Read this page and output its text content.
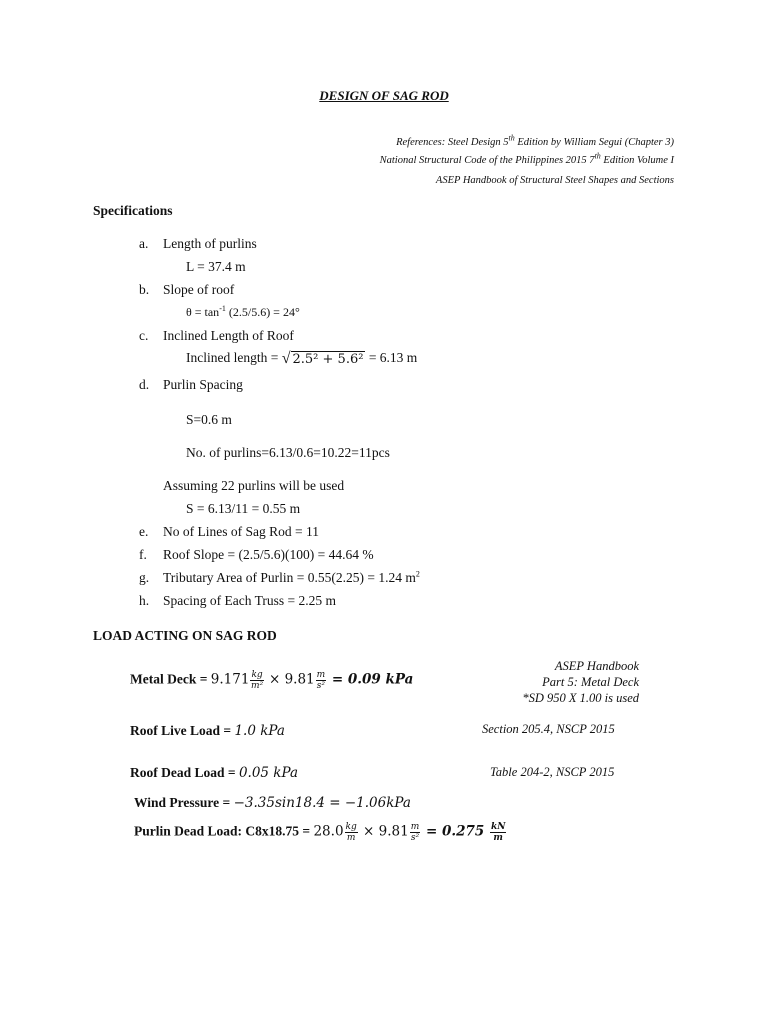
DESIGN OF SAG ROD
References: Steel Design 5th Edition by William Segui (Chapter 3)
National Structural Code of the Philippines 2015 7th Edition Volume I
ASEP Handbook of Structural Steel Shapes and Sections
Specifications
a. Length of purlins
L = 37.4 m
b. Slope of roof
$\theta = \tan^{-1} (2.5/5.6) = 24^\circ$
c. Inclined Length of Roof
Inclined length = √ 2.5² + 5.6² = 6.13 m
d. Purlin Spacing
S=0.6 m
No. of purlins=6.13/0.6=10.22=11pcs
Assuming 22 purlins will be used
S = 6.13/11 = 0.55 m
e. No of Lines of Sag Rod = 11
f. Roof Slope = (2.5/5.6)(100) = 44.64 %
g. Tributary Area of Purlin = 0.55(2.25) = 1.24 $m^2$
h. Spacing of Each Truss = 2.25 m
LOAD ACTING ON SAG ROD
Metal Deck = $9.171 \frac{kg}{\text{m²}} \times 9.81 \frac{m}{\text{s²}} = 0.09$ kPa
ASEP Handbook
Part 5: Metal Deck
*SD 950 X 1.00 is used
Roof Live Load = 1.0 kPa	Section 205.4, NSCP 2015
Roof Dead Load = 0.05 kPa	Table 204-2, NSCP 2015
Wind Pressure = −3.35sin18.4 = −1.06kPa
Purlin Dead Load: $C8x18.75 = 28.0 \frac{kg}{m} \times 9.81 \frac{m}{\text{s²}} = 0.275 \frac{kN}{m}$
